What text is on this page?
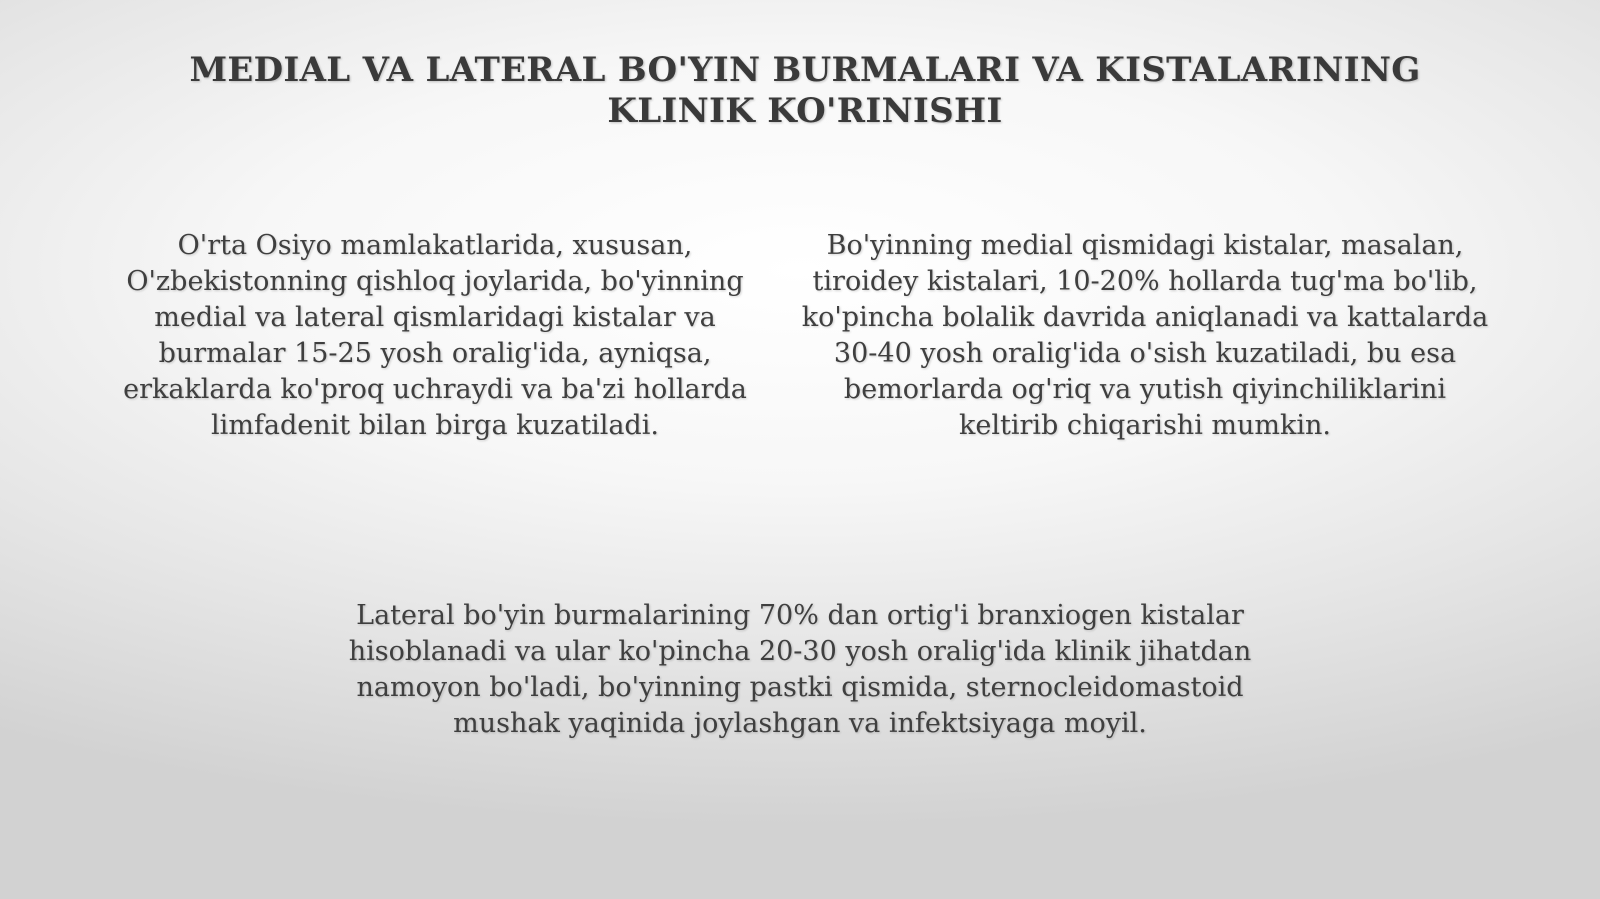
MEDIAL VA LATERAL BO'YIN BURMALARI VA KISTALARINING KLINIK KO'RINISHI

O'rta Osiyo mamlakatlarida, xususan, O'zbekistonning qishloq joylarida, bo'yinning medial va lateral qismlaridagi kistalar va burmalar 15-25 yosh oralig'ida, ayniqsa, erkaklarda ko'proq uchraydi va ba'zi hollarda limfadenit bilan birga kuzatiladi.

Bo'yinning medial qismidagi kistalar, masalan, tiroidey kistalari, 10-20% hollarda tug'ma bo'lib, ko'pincha bolalik davrida aniqlanadi va kattalarda 30-40 yosh oralig'ida o'sish kuzatiladi, bu esa bemorlarda og'riq va yutish qiyinchiliklarini keltirib chiqarishi mumkin.

Lateral bo'yin burmalarining 70% dan ortig'i branxiogen kistalar hisoblanadi va ular ko'pincha 20-30 yosh oralig'ida klinik jihatdan namoyon bo'ladi, bo'yinning pastki qismida, sternocleidomastoid mushak yaqinida joylashgan va infektsiyaga moyil.
